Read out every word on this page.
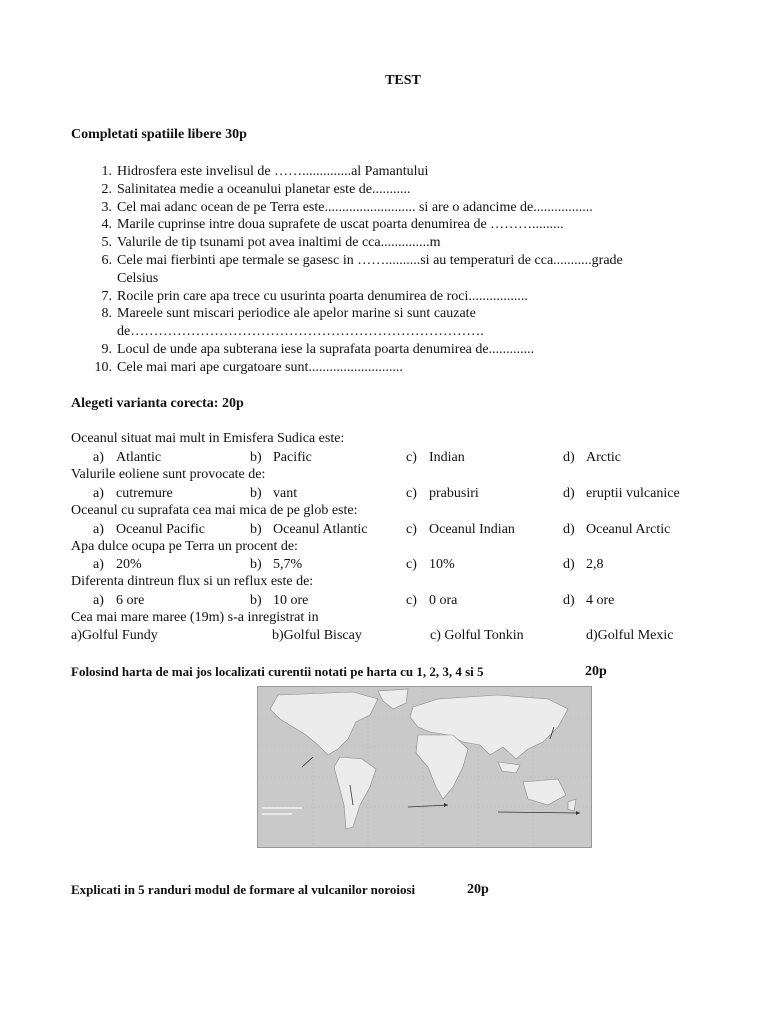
TEST
Completati spatiile libere 30p
1. Hidrosfera este invelisul de ……..............al Pamantului
2. Salinitatea medie a oceanului planetar este de...........
3. Cel mai adanc ocean de pe Terra este.......................... si are o adancime de.................
4. Marile cuprinse intre doua suprafete de uscat poarta denumirea de ……….........
5. Valurile de tip tsunami pot avea inaltimi de cca..............m
6. Cele mai fierbinti ape termale se gasesc in ……..........si au temperaturi de cca...........grade
Celsius
7. Rocile prin care apa trece cu usurinta poarta denumirea de roci.................
8. Mareele sunt miscari periodice ale apelor marine si sunt cauzate
de………………………………………………………………….
9. Locul de unde apa subterana iese la suprafata poarta denumirea de.............
10. Cele mai mari ape curgatoare sunt...........................
Alegeti varianta corecta: 20p
Oceanul situat mai mult in Emisfera Sudica este:
a) Atlantic	b) Pacific	c) Indian	d) Arctic
Valurile eoliene sunt provocate de:
a) cutremure	b) vant	c) prabusiri	d) eruptii vulcanice
Oceanul cu suprafata cea mai mica de pe glob este:
a) Oceanul Pacific	b) Oceanul Atlantic	c) Oceanul Indian	d) Oceanul Arctic
Apa dulce ocupa pe Terra un procent de:
a) 20%	b) 5,7%	c) 10%	d) 2,8
Diferenta dintreun flux si un reflux este de:
a) 6 ore	b) 10 ore	c) 0 ora	d) 4 ore
Cea mai mare maree (19m) s-a inregistrat in
a)Golful Fundy	b)Golful Biscay	c) Golful Tonkin	d)Golful Mexic
Folosind harta de mai jos localizati curentii notati pe harta cu 1, 2, 3, 4 si 5	20p
Explicati in 5 randuri modul de formare al vulcanilor noroiosi	20p
